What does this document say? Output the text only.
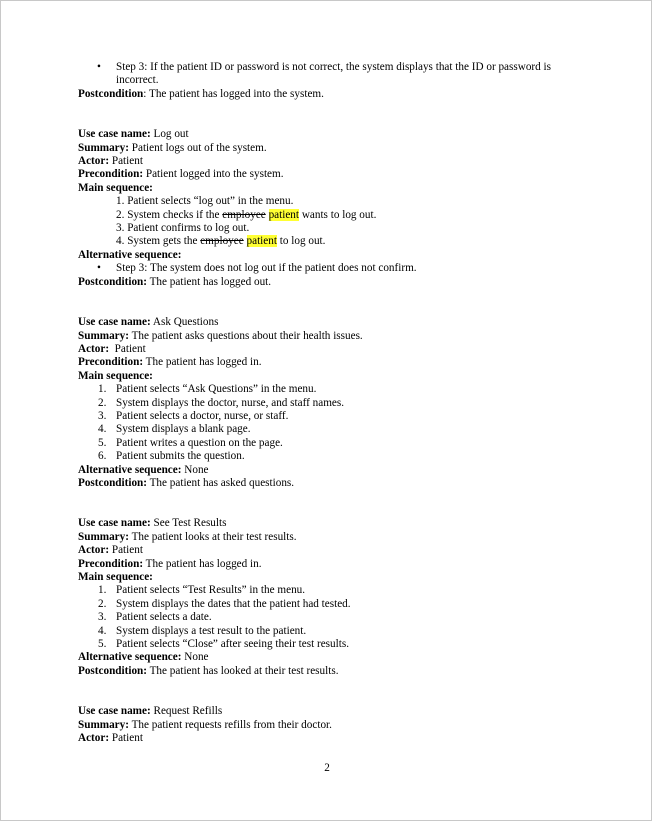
• Step 3: If the patient ID or password is not correct, the system displays that the ID or password is incorrect.
Postcondition: The patient has logged into the system.
Use case name: Log out
Summary: Patient logs out of the system.
Actor: Patient
Precondition: Patient logged into the system.
Main sequence:
1. Patient selects “log out” in the menu.
2. System checks if the employee patient wants to log out.
3. Patient confirms to log out.
4. System gets the employee patient to log out.
Alternative sequence:
• Step 3: The system does not log out if the patient does not confirm.
Postcondition: The patient has logged out.
Use case name: Ask Questions
Summary: The patient asks questions about their health issues.
Actor:  Patient
Precondition: The patient has logged in.
Main sequence:
1. Patient selects “Ask Questions” in the menu.
2. System displays the doctor, nurse, and staff names.
3. Patient selects a doctor, nurse, or staff.
4. System displays a blank page.
5. Patient writes a question on the page.
6. Patient submits the question.
Alternative sequence: None
Postcondition: The patient has asked questions.
Use case name: See Test Results
Summary: The patient looks at their test results.
Actor: Patient
Precondition: The patient has logged in.
Main sequence:
1. Patient selects “Test Results” in the menu.
2. System displays the dates that the patient had tested.
3. Patient selects a date.
4. System displays a test result to the patient.
5. Patient selects “Close” after seeing their test results.
Alternative sequence: None
Postcondition: The patient has looked at their test results.
Use case name: Request Refills
Summary: The patient requests refills from their doctor.
Actor: Patient
2
